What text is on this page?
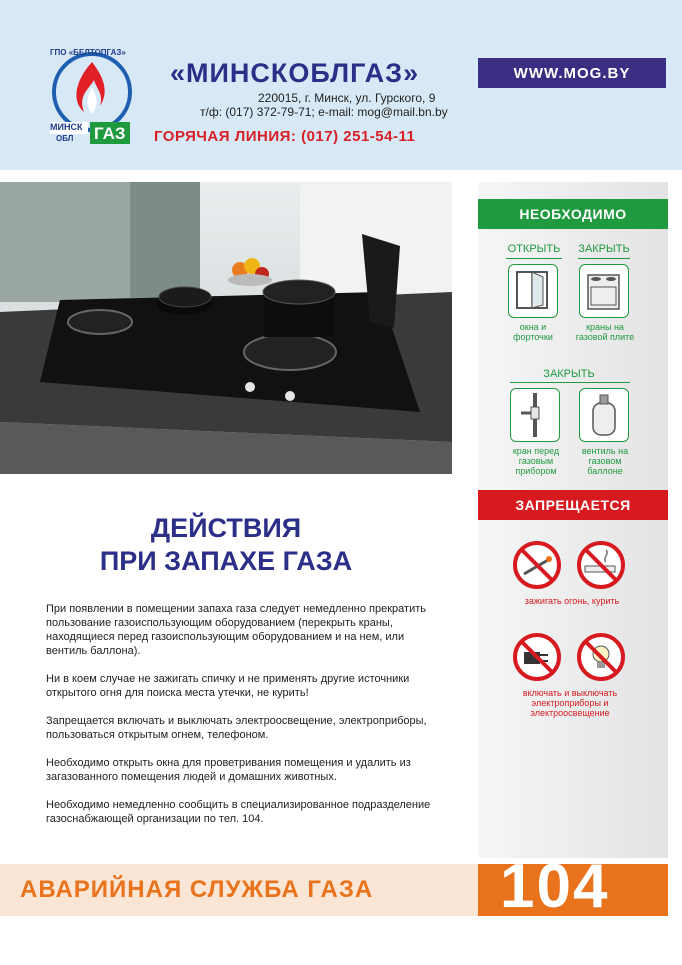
ГПО «БЕЛТОПГАЗ»
МИНСК
ОБЛ ГАЗ
«МИНСКОБЛГАЗ»
220015, г. Минск, ул. Гурского, 9
т/ф: (017) 372-79-71; e-mail: mog@mail.bn.by
ГОРЯЧАЯ ЛИНИЯ: (017) 251-54-11
WWW.MOG.BY
ДЕЙСТВИЯ
ПРИ ЗАПАХЕ ГАЗА

При появлении в помещении запаха газа следует немедленно прекратить пользование газоиспользующим оборудованием (перекрыть краны, находящиеся перед газоиспользующим оборудованием и на нем, или вентиль баллона).

Ни в коем случае не зажигать спичку и не применять другие источники открытого огня для поиска места утечки, не курить!

Запрещается включать и выключать электроосвещение, электроприборы, пользоваться открытым огнем, телефоном.

Необходимо открыть окна для проветривания помещения и удалить из загазованного помещения людей и домашних животных.

Необходимо немедленно сообщить в специализированное подразделение газоснабжающей организации по тел. 104.

НЕОБХОДИМО
ОТКРЫТЬ ЗАКРЫТЬ
окна и форточки
краны на газовой плите
ЗАКРЫТЬ
кран перед газовым прибором
вентиль на газовом баллоне
ЗАПРЕЩАЕТСЯ
зажигать огонь, курить
включать и выключать электроприборы и электроосвещение
АВАРИЙНАЯ СЛУЖБА ГАЗА 104
